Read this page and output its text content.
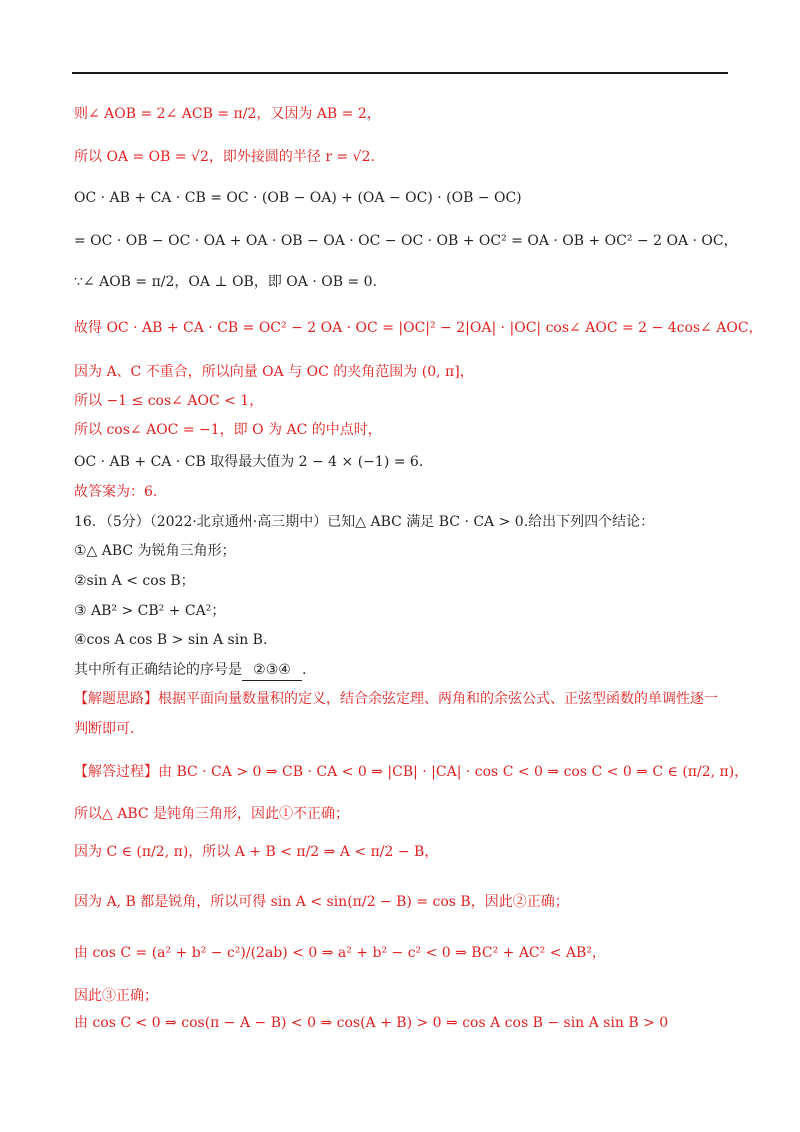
则∠ AOB = 2∠ ACB = π/2，又因为 AB = 2，
所以 OA = OB = √2，即外接圆的半径 r = √2.
OC · AB + CA · CB = OC · (OB − OA) + (OA − OC) · (OB − OC)
= OC · OB − OC · OA + OA · OB − OA · OC − OC · OB + OC² = OA · OB + OC² − 2 OA · OC，
∵∠ AOB = π/2，OA ⊥ OB，即 OA · OB = 0.
故得 OC · AB + CA · CB = OC² − 2 OA · OC = |OC|² − 2|OA| · |OC| cos∠ AOC = 2 − 4cos∠ AOC，
因为 A、C 不重合，所以向量 OA 与 OC 的夹角范围为 (0, π]，
所以 −1 ≤ cos∠ AOC < 1，
所以 cos∠ AOC = −1，即 O 为 AC 的中点时，
OC · AB + CA · CB 取得最大值为 2 − 4 × (−1) = 6.
故答案为：6.
16．（5分）（2022·北京通州·高三期中）已知△ ABC 满足 BC · CA > 0.给出下列四个结论：
①△ ABC 为锐角三角形；
②sin A < cos B；
③ AB² > CB² + CA²；
④cos A cos B > sin A sin B.
其中所有正确结论的序号是 ②③④ .
【解题思路】根据平面向量数量积的定义，结合余弦定理、两角和的余弦公式、正弦型函数的单调性逐一
判断即可.
【解答过程】由 BC · CA > 0 ⇒ CB · CA < 0 ⇒ |CB| · |CA| · cos C < 0 ⇒ cos C < 0 ⇒ C ∈ (π/2, π)，
所以△ ABC 是钝角三角形，因此①不正确；
因为 C ∈ (π/2, π)，所以 A + B < π/2 ⇒ A < π/2 − B，
因为 A, B 都是锐角，所以可得 sin A < sin(π/2 − B) = cos B，因此②正确；
由 cos C = (a² + b² − c²)/(2ab) < 0 ⇒ a² + b² − c² < 0 ⇒ BC² + AC² < AB²，
因此③正确；
由 cos C < 0 ⇒ cos(π − A − B) < 0 ⇒ cos(A + B) > 0 ⇒ cos A cos B − sin A sin B > 0
